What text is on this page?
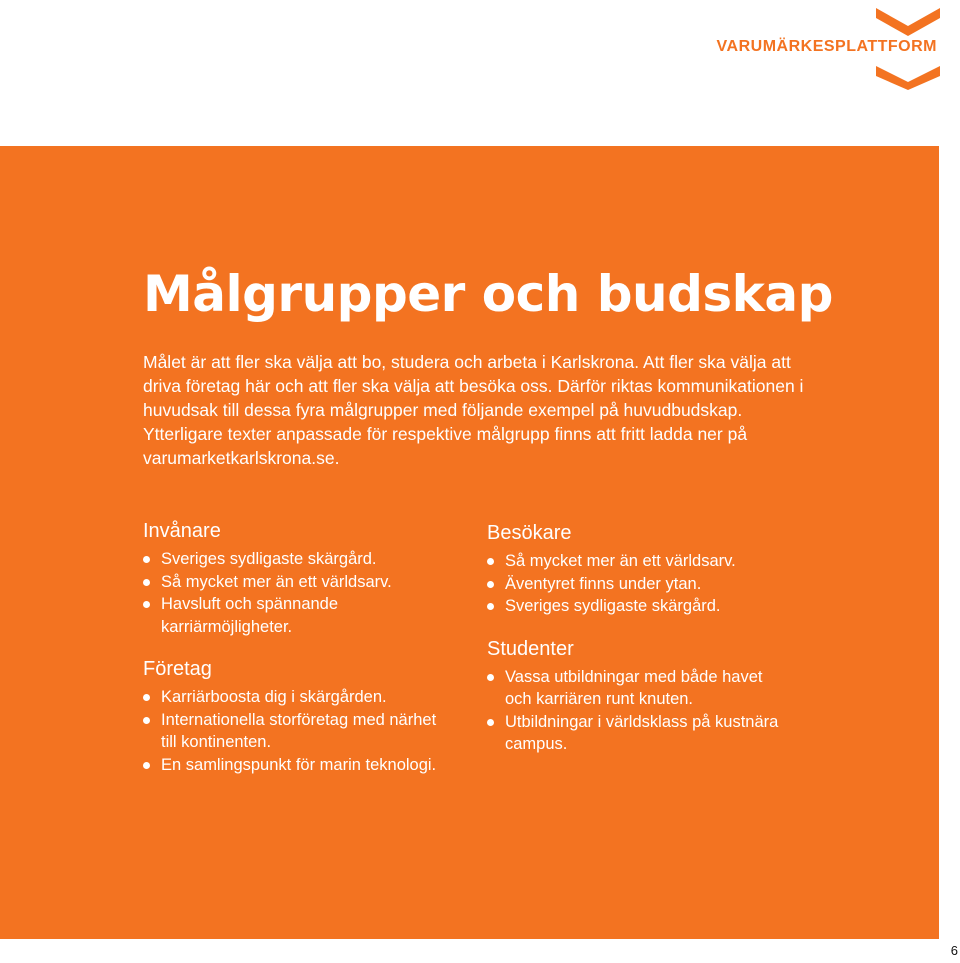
VARUMÄRKESPLATTFORM
Målgrupper och budskap

Målet är att fler ska välja att bo, studera och arbeta i Karlskrona. Att fler ska välja att driva företag här och att fler ska välja att besöka oss. Därför riktas kommunikationen i huvudsak till dessa fyra målgrupper med följande exempel på huvudbudskap. Ytterligare texter anpassade för respektive målgrupp finns att fritt ladda ner på varumarketkarlskrona.se.

Invånare
Sveriges sydligaste skärgård.
Så mycket mer än ett världsarv.
Havsluft och spännande karriärmöjligheter.
Företag
Karriärboosta dig i skärgården.
Internationella storföretag med närhet till kontinenten.
En samlingspunkt för marin teknologi.
Besökare
Så mycket mer än ett världsarv.
Äventyret finns under ytan.
Sveriges sydligaste skärgård.
Studenter
Vassa utbildningar med både havet och karriären runt knuten.
Utbildningar i världsklass på kustnära campus.
6
